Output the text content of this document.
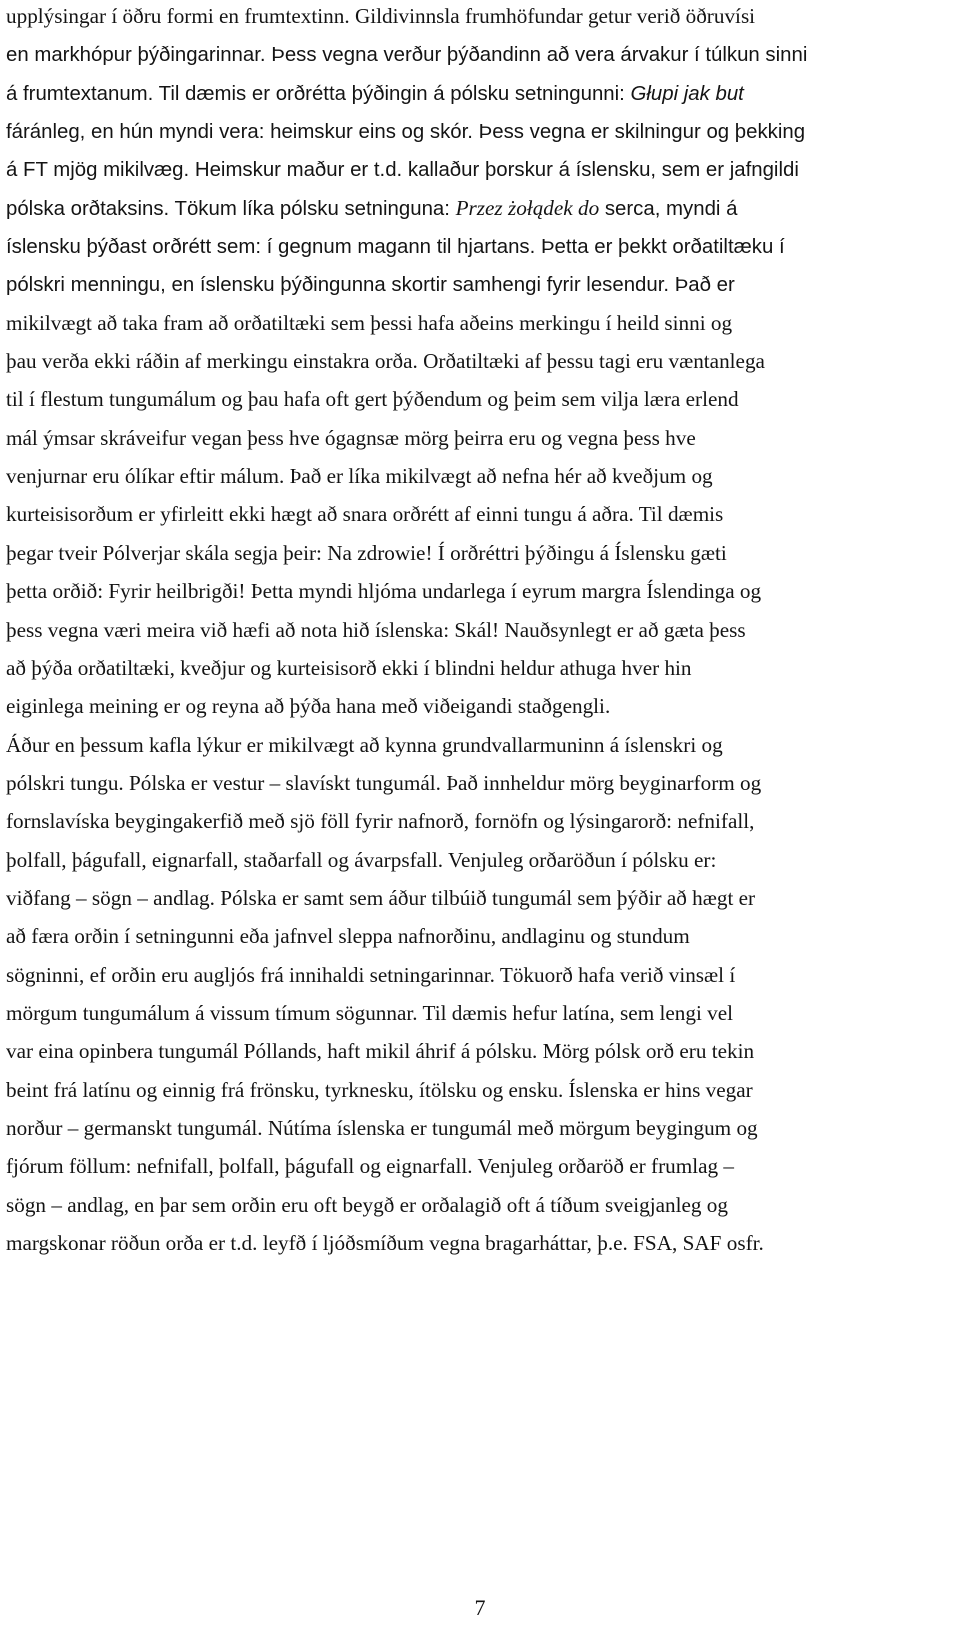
upplýsingar í öðru formi en frumtextinn. Gildivinnsla frumhöfundar getur verið öðruvísi
en markhópur þýðingarinnar. Þess vegna verður þýðandinn að vera árvakur í túlkun sinni
á frumtextanum. Til dæmis er orðrétta þýðingin á pólsku setningunni: Głupi jak but
fáránleg, en hún myndi vera: heimskur eins og skór. Þess vegna er skilningur og þekking
á FT mjög mikilvæg. Heimskur maður er t.d. kallaður þorskur á íslensku, sem er jafngildi
pólska orðtaksins. Tökum líka pólsku setninguna: Przez żołądek do serca, myndi á
íslensku þýðast orðrétt sem: í gegnum magann til hjartans. Þetta er þekkt orðatiltæku í
pólskri menningu, en íslensku þýðingunna skortir samhengi fyrir lesendur. Það er
mikilvægt að taka fram að orðatiltæki sem þessi hafa aðeins merkingu í heild sinni og
þau verða ekki ráðin af merkingu einstakra orða. Orðatiltæki af þessu tagi eru væntanlega
til í flestum tungumálum og þau hafa oft gert þýðendum og þeim sem vilja læra erlend
mál ýmsar skráveifur vegan þess hve ógagnsæ mörg þeirra eru og vegna þess hve
venjurnar eru ólíkar eftir málum. Það er líka mikilvægt að nefna hér að kveðjum og
kurteisisorðum er yfirleitt ekki hægt að snara orðrétt af einni tungu á aðra. Til dæmis
þegar tveir Pólverjar skála segja þeir: Na zdrowie! Í orðréttri þýðingu á Íslensku gæti
þetta orðið: Fyrir heilbrigði! Þetta myndi hljóma undarlega í eyrum margra Íslendinga og
þess vegna væri meira við hæfi að nota hið íslenska: Skál! Nauðsynlegt er að gæta þess
að þýða orðatiltæki, kveðjur og kurteisisorð ekki í blindni heldur athuga hver hin
eiginlega meining er og reyna að þýða hana með viðeigandi staðgengli.
Áður en þessum kafla lýkur er mikilvægt að kynna grundvallarmuninn á íslenskri og
pólskri tungu. Pólska er vestur – slavískt tungumál. Það innheldur mörg beyginarform og
fornslavíska beygingakerfið með sjö föll fyrir nafnorð, fornöfn og lýsingarorð: nefnifall,
þolfall, þágufall, eignarfall, staðarfall og ávarpsfall. Venjuleg orðaröðun í pólsku er:
viðfang – sögn – andlag. Pólska er samt sem áður tilbúið tungumál sem þýðir að hægt er
að færa orðin í setningunni eða jafnvel sleppa nafnorðinu, andlaginu og stundum
sögninni, ef orðin eru augljós frá innihaldi setningarinnar. Tökuorð hafa verið vinsæl í
mörgum tungumálum á vissum tímum sögunnar. Til dæmis hefur latína, sem lengi vel
var eina opinbera tungumál Póllands, haft mikil áhrif á pólsku. Mörg pólsk orð eru tekin
beint frá latínu og einnig frá frönsku, tyrknesku, ítölsku og ensku. Íslenska er hins vegar
norður – germanskt tungumál. Nútíma íslenska er tungumál með mörgum beygingum og
fjórum föllum: nefnifall, þolfall, þágufall og eignarfall. Venjuleg orðaröð er frumlag –
sögn – andlag, en þar sem orðin eru oft beygð er orðalagið oft á tíðum sveigjanleg og
margskonar röðun orða er t.d. leyfð í ljóðsmíðum vegna bragarháttar, þ.e. FSA, SAF osfr.
7
